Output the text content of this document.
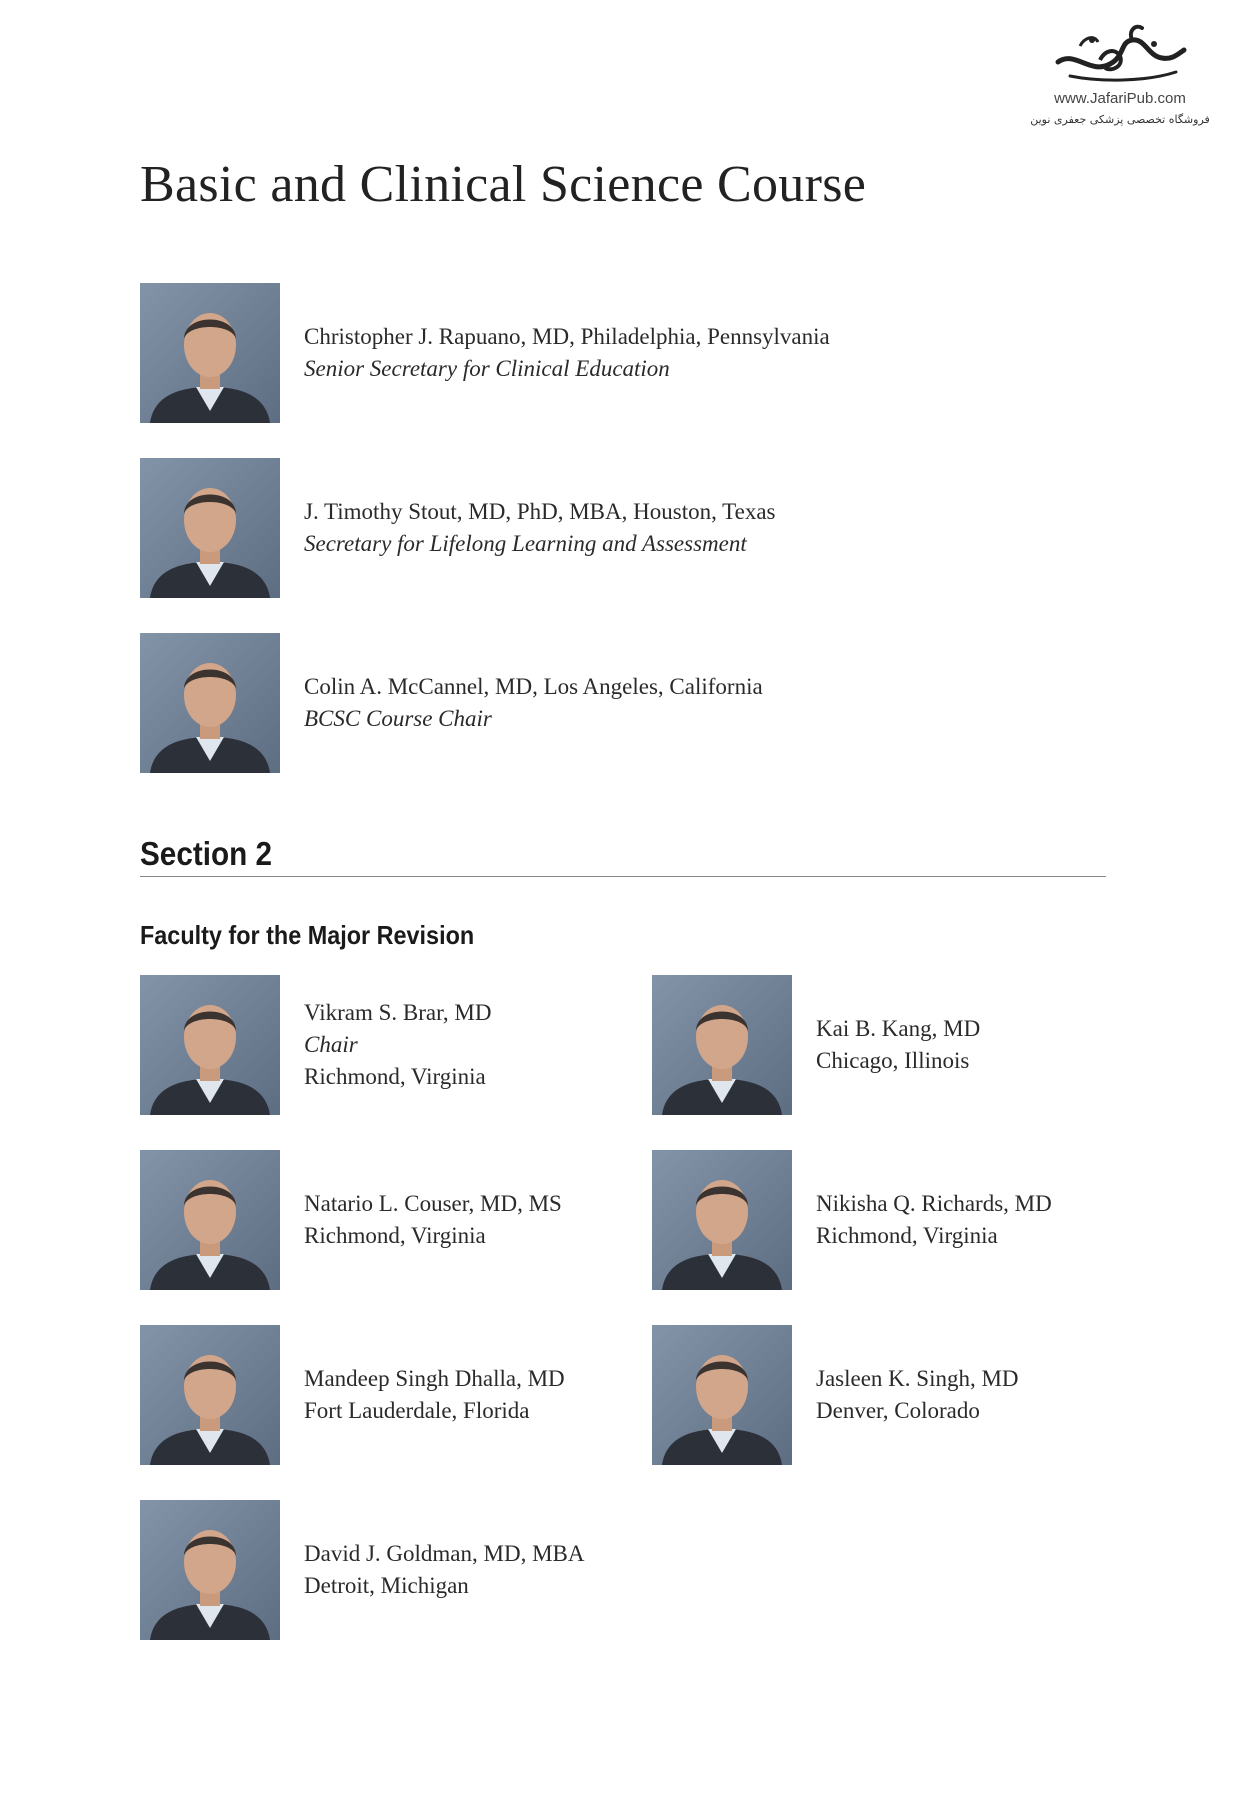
www.JafariPub.com
فروشگاه تخصصی پزشکی جعفری نوین
Basic and Clinical Science Course
Christopher J. Rapuano, MD, Philadelphia, Pennsylvania
Senior Secretary for Clinical Education
J. Timothy Stout, MD, PhD, MBA, Houston, Texas
Secretary for Lifelong Learning and Assessment
Colin A. McCannel, MD, Los Angeles, California
BCSC Course Chair
Section 2
Faculty for the Major Revision
Vikram S. Brar, MD
Chair
Richmond, Virginia
Kai B. Kang, MD
Chicago, Illinois
Natario L. Couser, MD, MS
Richmond, Virginia
Nikisha Q. Richards, MD
Richmond, Virginia
Mandeep Singh Dhalla, MD
Fort Lauderdale, Florida
Jasleen K. Singh, MD
Denver, Colorado
David J. Goldman, MD, MBA
Detroit, Michigan
